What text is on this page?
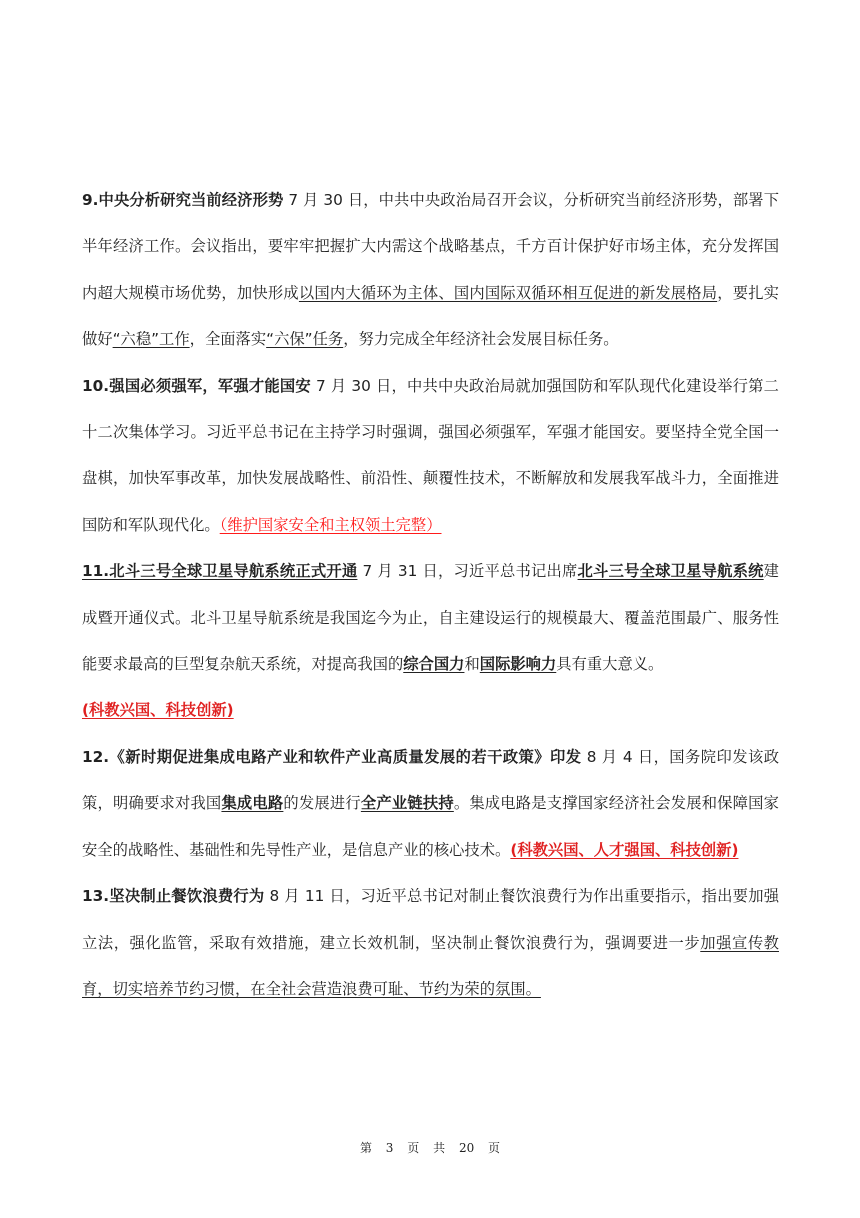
9.中央分析研究当前经济形势 7 月 30 日，中共中央政治局召开会议，分析研究当前经济形势，部署下半年经济工作。会议指出，要牢牢把握扩大内需这个战略基点，千方百计保护好市场主体，充分发挥国内超大规模市场优势，加快形成以国内大循环为主体、国内国际双循环相互促进的新发展格局，要扎实做好“六稳”工作，全面落实“六保”任务，努力完成全年经济社会发展目标任务。

10.强国必须强军，军强才能国安 7 月 30 日，中共中央政治局就加强国防和军队现代化建设举行第二十二次集体学习。习近平总书记在主持学习时强调，强国必须强军，军强才能国安。要坚持全党全国一盘棋，加快军事改革，加快发展战略性、前沿性、颠覆性技术，不断解放和发展我军战斗力，全面推进国防和军队现代化。（维护国家安全和主权领土完整）

11.北斗三号全球卫星导航系统正式开通 7 月 31 日，习近平总书记出席北斗三号全球卫星导航系统建成暨开通仪式。北斗卫星导航系统是我国迄今为止，自主建设运行的规模最大、覆盖范围最广、服务性能要求最高的巨型复杂航天系统，对提高我国的综合国力和国际影响力具有重大意义。
(科教兴国、科技创新)

12.《新时期促进集成电路产业和软件产业高质量发展的若干政策》印发 8 月 4 日，国务院印发该政策，明确要求对我国集成电路的发展进行全产业链扶持。集成电路是支撑国家经济社会发展和保障国家安全的战略性、基础性和先导性产业，是信息产业的核心技术。(科教兴国、人才强国、科技创新)

13.坚决制止餐饮浪费行为 8 月 11 日，习近平总书记对制止餐饮浪费行为作出重要指示，指出要加强立法，强化监管，采取有效措施，建立长效机制，坚决制止餐饮浪费行为，强调要进一步加强宣传教育，切实培养节约习惯，在全社会营造浪费可耻、节约为荣的氛围。

第 3 页 共 20 页
